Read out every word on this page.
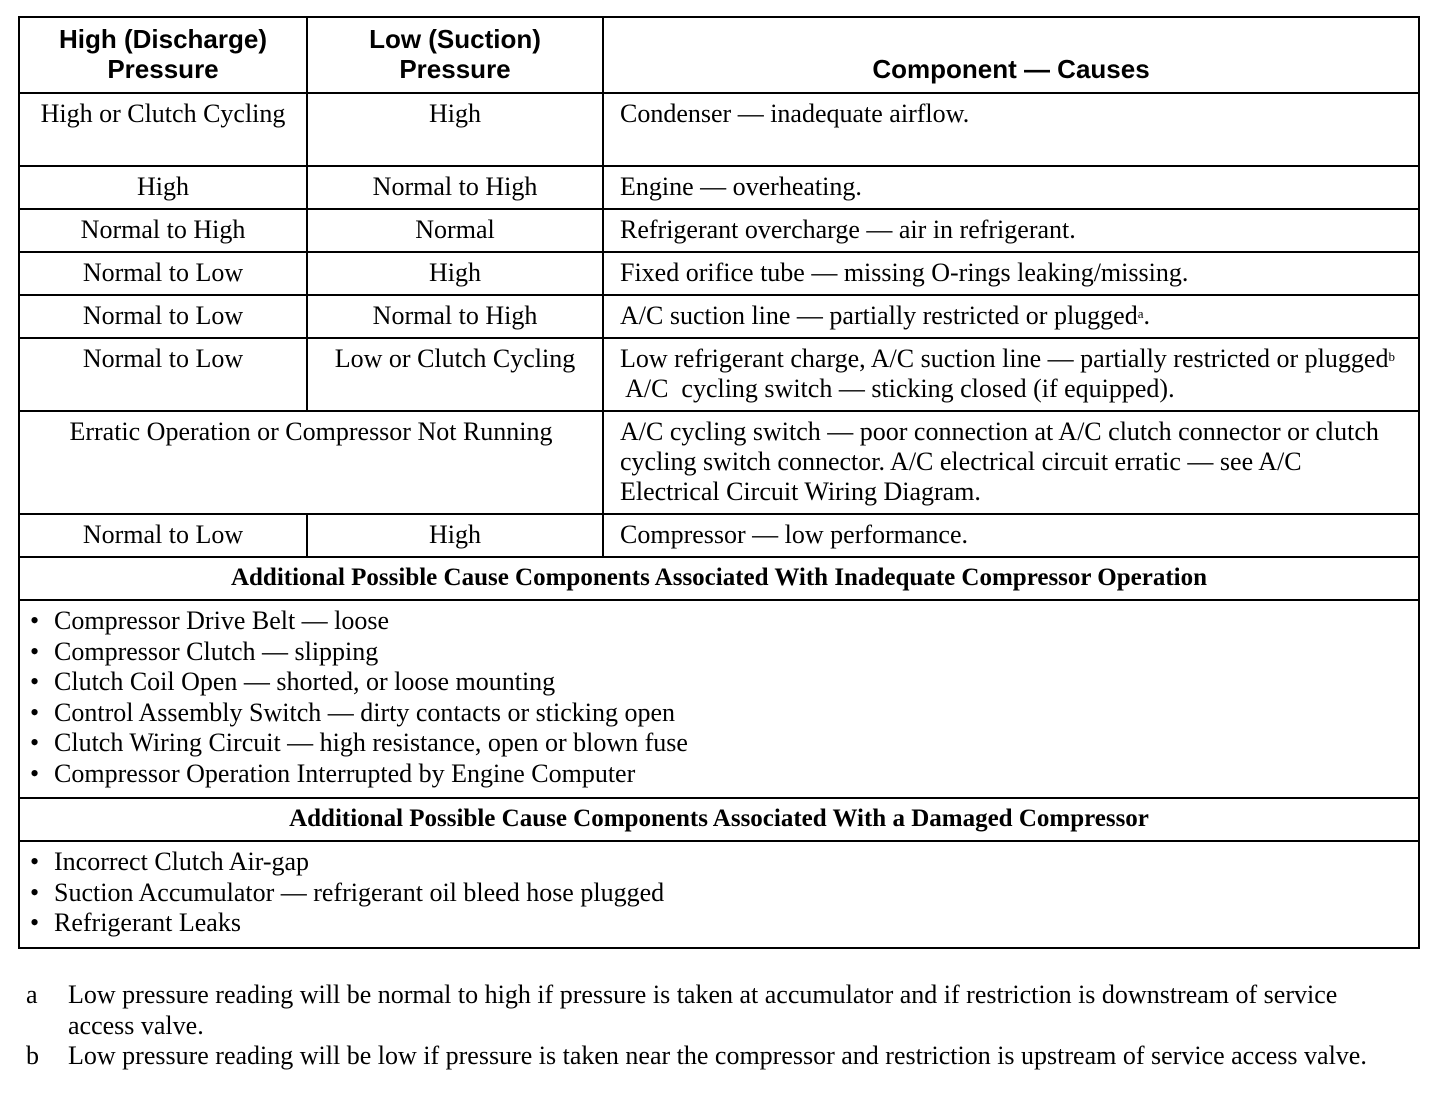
High (Discharge) Pressure	Low (Suction) Pressure	Component — Causes
High or Clutch Cycling	High	Condenser — inadequate airflow.
High	Normal to High	Engine — overheating.
Normal to High	Normal	Refrigerant overcharge — air in refrigerant.
Normal to Low	High	Fixed orifice tube — missing O-rings leaking/missing.
Normal to Low	Normal to High	A/C suction line — partially restricted or plugged$^a$.
Normal to Low	Low or Clutch Cycling	Low refrigerant charge, A/C suction line — partially restricted or plugged$^b$ A/C  cycling switch — sticking closed (if equipped).
Erratic Operation or Compressor Not Running		A/C cycling switch — poor connection at A/C clutch connector or clutch cycling switch connector. A/C electrical circuit erratic — see A/C Electrical Circuit Wiring Diagram.
Normal to Low	High	Compressor — low performance.
Additional Possible Cause Components Associated With Inadequate Compressor Operation		

• Compressor Drive Belt — loose
• Compressor Clutch — slipping
• Clutch Coil Open — shorted, or loose mounting
• Control Assembly Switch — dirty contacts or sticking open
• Clutch Wiring Circuit — high resistance, open or blown fuse
• Compressor Operation Interrupted by Engine Computer

Additional Possible Cause Components Associated With a Damaged Compressor		

• Incorrect Clutch Air-gap
• Suction Accumulator — refrigerant oil bleed hose plugged
• Refrigerant Leaks
a	Low pressure reading will be normal to high if pressure is taken at accumulator and if restriction is downstream of service access valve.
b	Low pressure reading will be low if pressure is taken near the compressor and restriction is upstream of service access valve.
